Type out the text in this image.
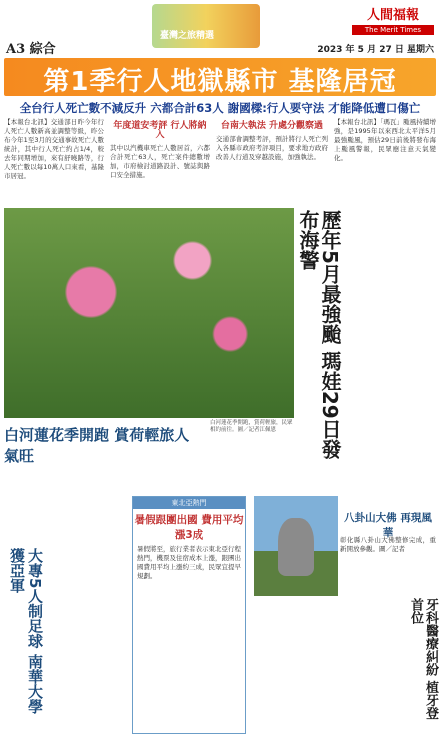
A3 綜合
臺灣之旅精選
人間福報
The Merit Times
2023 年 5 月 27 日 星期六
第1季行人地獄縣市 基隆居冠
全台行人死亡數不減反升 六都合計63人 謝國樑:行人要守法 才能降低遭口傷亡
【本報台北訊】交通部日昨今年行人死亡人數新高並調整等級，昨公布今年1至3月的交通事故死亡人數統計，其中行人死亡約占1/4，較去年同期增加，來有舒曉路等，行人死亡數以每10萬人口來看，基隆市居冠。
年度道安考評 行人將納入
其中以汽機車死亡人數居首，六都合計死亡63人，死亡案件總數增加，市府檢討道路設計、號誌與路口安全措施。
台南大執法 升處分觀察過
交通部會調整考評，預計將行人死亡列入各縣市政府考評項目，要求地方政府改善人行道及穿越設施，加強執法。
【本報台北訊】「瑪瓦」颱風持續增強，是1995年以來西北太平洋5月最強颱風，預估29日前後將發布海上颱風警報，民眾應注意天氣變化。
白河蓮花季開跑 賞荷輕旅人氣旺
白河蓮花季開跑，賞荷輕旅，民眾相約前往。圖／記者江佩恩	歷年5月最強颱 瑪娃29日發布海警
大專5人制足球 南華大學獲亞軍
東北亞熱門
暑假跟團出國 費用平均漲3成
暑假將至，旅行業者表示東北亞行程熱門，機票及住宿成本上漲，跟團出國費用平均上漲約三成，民眾宜提早規劃。
八卦山大佛 再現風華
彰化縣八卦山大佛整修完成，重新開放參觀。圖／記者
牙科醫療糾紛 植牙登首位
